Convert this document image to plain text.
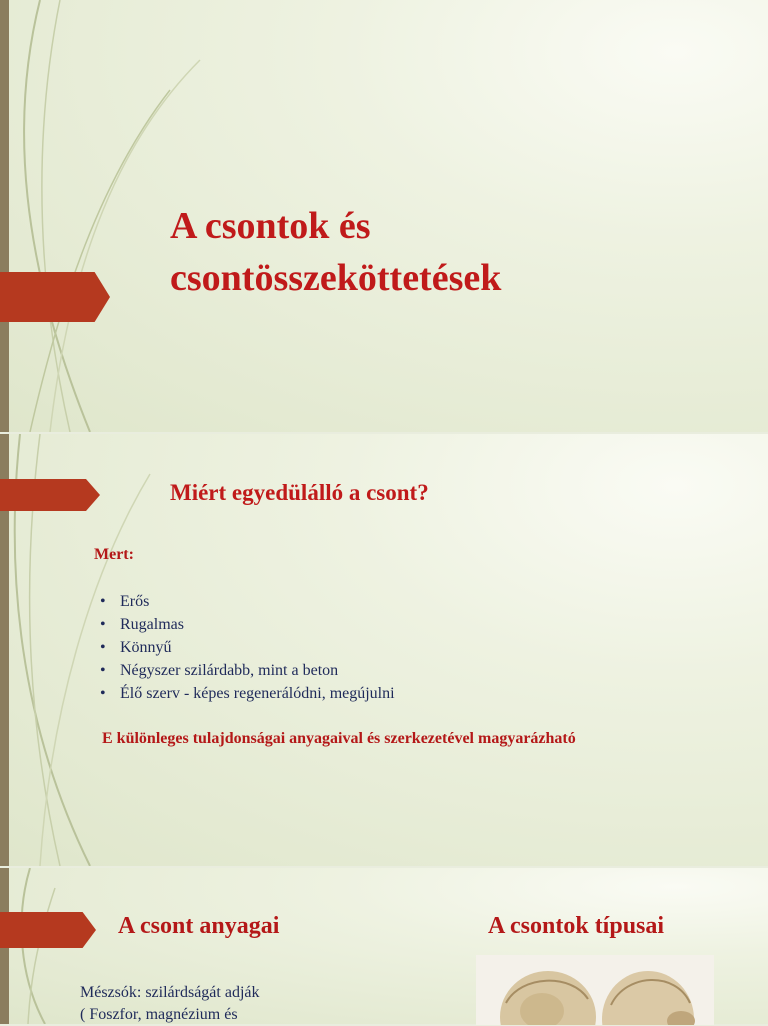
A csontok és
csontösszeköttetések
Miért egyedülálló a csont?
Mert:
• Erős
• Rugalmas
• Könnyű
• Négyszer szilárdabb, mint a beton
• Élő szerv - képes regenerálódni, megújulni
E különleges tulajdonságai anyagaival és szerkezetével magyarázható
A csont anyagai	A csontok típusai
Mészsók: szilárdságát adják
( Foszfor, magnézium és
